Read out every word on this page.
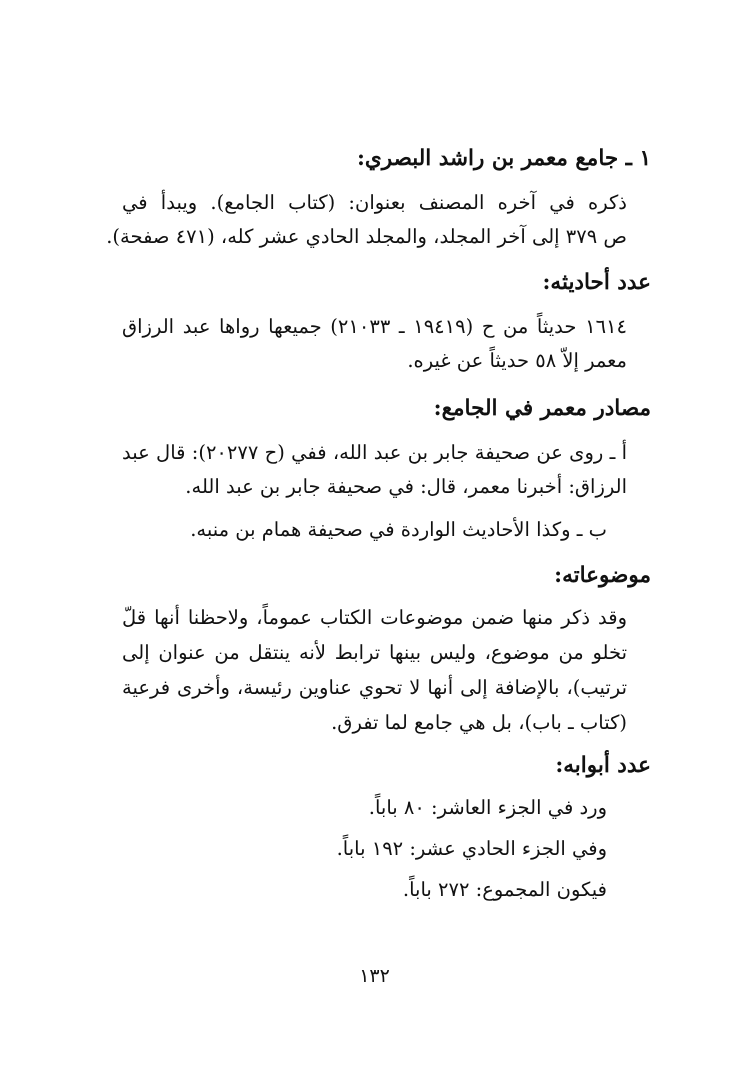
١ ـ جامع معمر بن راشد البصري:
ذكره في آخره المصنف بعنوان: (كتاب الجامع). ويبدأ في
ص ٣٧٩ إلى آخر المجلد، والمجلد الحادي عشر كله، (٤٧١ صفحة).
عدد أحاديثه:
١٦١٤ حديثاً من ح (١٩٤١٩ ـ ٢١٠٣٣) جميعها رواها عبد الرزاق
معمر إلاّ ٥٨ حديثاً عن غيره.
مصادر معمر في الجامع:
أ ـ روى عن صحيفة جابر بن عبد الله، ففي (ح ٢٠٢٧٧): قال عبد
الرزاق: أخبرنا معمر، قال: في صحيفة جابر بن عبد الله.
ب ـ وكذا الأحاديث الواردة في صحيفة همام بن منبه.
موضوعاته:
وقد ذكر منها ضمن موضوعات الكتاب عموماً، ولاحظنا أنها قلّ
تخلو من موضوع، وليس بينها ترابط لأنه ينتقل من عنوان إلى
ترتيب)، بالإضافة إلى أنها لا تحوي عناوين رئيسة، وأخرى فرعية
(كتاب ـ باب)، بل هي جامع لما تفرق.
عدد أبوابه:
ورد في الجزء العاشر: ٨٠ باباً.
وفي الجزء الحادي عشر: ١٩٢ باباً.
فيكون المجموع: ٢٧٢ باباً.
١٣٢
